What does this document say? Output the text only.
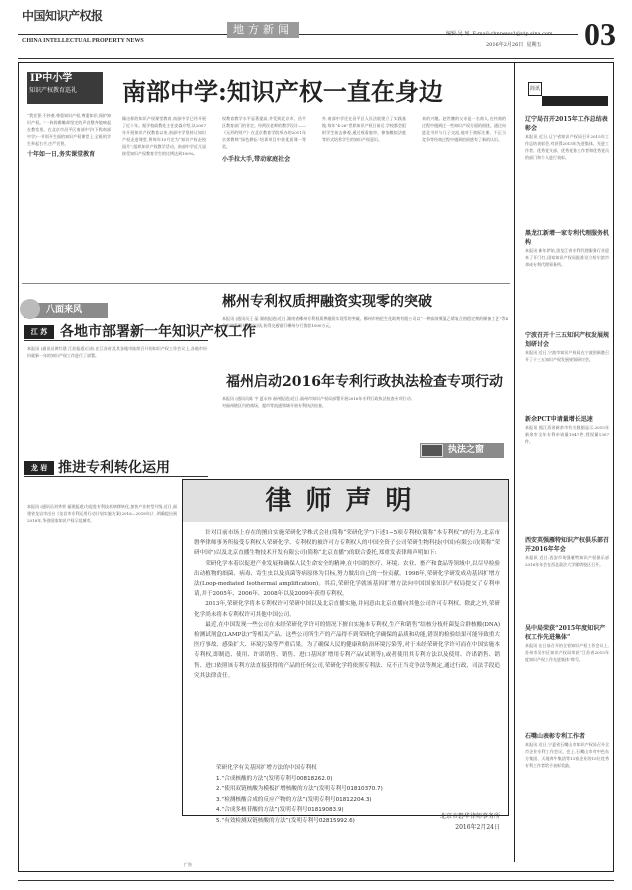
中国知识产权报
CHINA INTELLECTUAL PROPERTY NEWS
地方新闻	编辑:吴 珂 E-mail:chnnews1@vip.sina.com
2016年2月26日 星期五 03
IP中小学
知识产权教育巡礼	南部中学:知识产权一直在身边
“我宣誓:不抄袭,尊重知识产权,尊重知识,保护知识产权。”一阵阵稚嫩却坚定的声音整齐地响起在教室里。在北京市昌平区南部中学(下称南部中学)一节别开生面的知识产权课堂上,全班的学生举起右手,庄严宣誓。
十年如一日,务实课堂教育
像这样的知识产权课堂教育,南部中学已经开展了近十年。据学校政教处主任安淼介绍,从2007年开展知识产权教育以来,南部中学坚持让知识产权走进课堂,将每年10月定为“知识产权走校园月”,组织知识产权教学活动。南部中学近几届接受知识产权教育学生的比例达到100%。
权教育教学水平显著提高,并受到北京市、昌平区教育部门的肯定。经两次老师的教学设计——《无形的财产》在北京教育学院举办的2011年京郊教师“绿色耕耘”培训项目中获优质课一等奖。
小手拉大手,带动家庭社会
外,南部中学还在昌平区人民法院建立了实践基地,每年“4·26”世界知识产权日前后,学校都会组织学生前去参观,通过观看庭审、参加模拟法庭等形式培养学生的知识产权意识。
来的兴趣。赵世鹏的父亲是一名商人,在经商的过程中遇到过一些知识产权方面的困扰。通过向进北书并与儿子交流,他对于商标注册、不正当竞争等经商过程中遇到的困惑有了新的认识。
八面来风
江 苏 各地市部署新一年知识产权工作
本报讯 (通讯员黄红建 江苏报道)日前,在江苏省及其各地市陆续召开的知识产权工作会议上,各地市纷纷就新一年的知识产权工作进行了部署。
龙 岩 推进专利转化运用
本报讯 (通讯员刘华荣 福建报道)为促进专利技术转移转化,加快产业转型升级,近日,福建省龙岩市出台《龙岩市专利运用行动计划实施方案(2016—2018年)》,明确提出到2018年,争创国家知识产权示范城市。
郴州专利权质押融资实现零的突破
本报讯 (通讯员王 晶 湖南报道)近日,湖南省郴州专利权质押融资实现零的突破。郴州市格伦生化助剂有限公司以“一种高效聚氯乙烯复合热稳定剂的制备工艺”等4件有效发明专利权出质,获得交通银行郴州分行贷款1000万元。
福州启动2016年专利行政执法检查专项行动
本报讯 (通讯员陈 宇 夏永伟 福州报道)近日,福州市知识产权局部署开展2016年专利行政执法检查专项行动,对福州辖区内的商场、超市等流通领域开展专利执法检查。
执法之窗
律师声明

针对目前市场上存在的擅自实施荣研化学株式会社(简称“荣研化学”)下述1−5项专利权(简称“本专利权”)的行为,北京市磐华律师事务所接受专利权人荣研化学、专利权的被许可方专利权人的中国全资子公司荣研生物科技(中国)有限公司(简称“荣研中国”)以及北京直播生物技术开发有限公司(简称“北京直播”)的联合委托,郑重发表律师声明如下:

荣研化学本着以促进产业发展和确保人民生命安全的精神,在中国的医疗、环境、农业、畜产和食品等领域中,以尽早检验出动植物的细菌、病毒、寄生虫以及真菌等病原体为目标,努力做出自己的一份贡献。1998年,荣研化学研发成功基因扩增方法(Loop-mediated Isothermal amplification)。其后,荣研化学就该基因扩增方法向中国国家知识产权局提交了专利申请,并于2005年、2006年、2008年以及2009年获得专利权。

2013年,荣研化学将本专利权许可荣研中国以及北京直播实施,并同意由北京直播向其他公司许可专利权。除此之外,荣研化学尚未将本专利权许可其他中国公司。

最近,在中国发现一些公司在未经荣研化学许可的情况下擅自实施本专利权,生产和销售“结核分枝杆菌复合群核酸(DNA)检测试剂盒(LAMP法)”等相关产品。这些公司所生产的产品得不到荣研化学确保的品质和功能,错误的检验结果可能导致重大医疗事故、感染扩大、环境污染等严重后果。为了确保人民的健康和防治环境污染等,对于未经荣研化学许可而在中国实施本专利权,即制造、使用、许诺销售、销售、进口基因扩增用专利产品(试剂等),或者使用其专利方法以及使用、许诺销售、销售、进口依照该专利方法直接获得的产品的任何公司,荣研化学将依照专利法、反不正当竞争法等规定,通过行政、司法手段追究其法律责任。

荣研化学有关基因扩增方法的中国专利权
1.“合成核酸的方法”(发明专利号00818262.0)
2.“使用双链核酸为模板扩增核酸的方法”(发明专利号01810370.7)
3.“检测核酸合成的反应产物的方法”(发明专利号01812204.3)
4.“合成多核苷酸的方法”(发明专利号01819083.9)
5.“有效检测双链核酸的方法”(发明专利号02815992.6)
北京市磐华律师事务所
2016年2月24日
广告
简讯
辽宁局召开2015年工作总结表彰会
本报讯 近日,辽宁省知识产权局召开2015年工作总结表彰会,对获得2015年先进集体、先进工作者、优秀党支部、优秀党务工作者和优秀党员的部门和个人进行表彰。
黑龙江新增一家专利代理服务机构
本报讯 新年伊始,黑龙江省专利代理服务行业迎来了开门红,国家知识产权局批准设立哈尔滨市邦成专利代理事务所。
宁波召开十三五知识产权发展规划研讨会
本报讯 近日,宁波市知识产权局在宁波创新港召开了十三五知识产权发展规划研讨会。
新余PCT申请量增长迅速
本报讯 据江西省新余市有关数据显示,2015年新余市全年专利申请量1947件,授权量1307件。
西安英强雁特知识产权俱乐部召开2016年年会
本报讯 近日,西安市英强雁特知识产权俱乐部2016年年会在西北政法大学雁塔校区召开。
吴中局荣获“2015年度知识产权工作先进集体”
本报讯 在日前召开的全省知识产权工作会议上,苏州市吴中区知识产权局荣获“江苏省2015年度知识产权工作先进集体”称号。
石嘴山表彰专利工作者
本报讯 近日,宁夏省石嘴山市知识产权局召开全市企业专利工作会议。会上,石嘴山市对中色东方集团、天地奔牛集团等13家企业的15位优秀专利工作者给予表彰奖励。
